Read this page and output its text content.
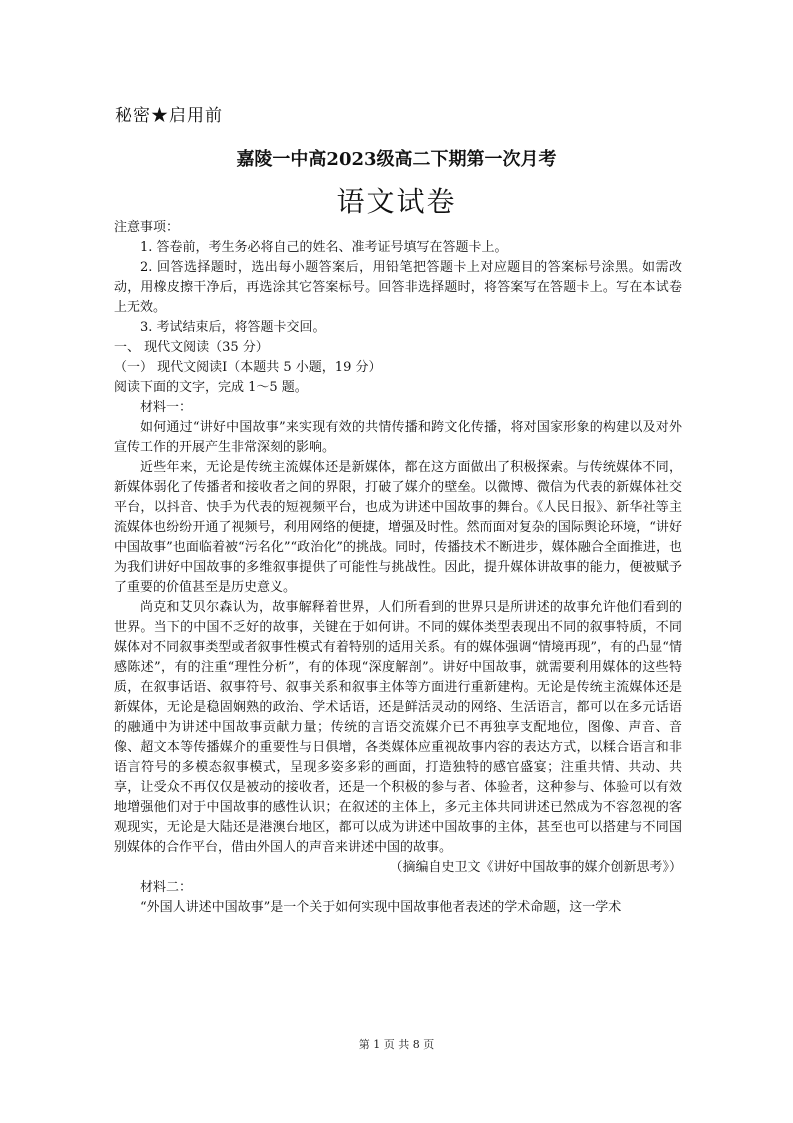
秘密★启用前
嘉陵一中高2023级高二下期第一次月考
语文试卷

注意事项：

1. 答卷前，考生务必将自己的姓名、准考证号填写在答题卡上。

2. 回答选择题时，选出每小题答案后，用铅笔把答题卡上对应题目的答案标号涂黑。如需改动，用橡皮擦干净后，再选涂其它答案标号。回答非选择题时，将答案写在答题卡上。写在本试卷上无效。

3. 考试结束后，将答题卡交回。

一、 现代文阅读（35 分）

（一） 现代文阅读Ⅰ（本题共 5 小题，19 分）

阅读下面的文字，完成 1～5 题。

材料一：

如何通过“讲好中国故事”来实现有效的共情传播和跨文化传播，将对国家形象的构建以及对外宣传工作的开展产生非常深刻的影响。

近些年来，无论是传统主流媒体还是新媒体，都在这方面做出了积极探索。与传统媒体不同，新媒体弱化了传播者和接收者之间的界限，打破了媒介的壁垒。以微博、微信为代表的新媒体社交平台，以抖音、快手为代表的短视频平台，也成为讲述中国故事的舞台。《人民日报》、新华社等主流媒体也纷纷开通了视频号，利用网络的便捷，增强及时性。然而面对复杂的国际舆论环境，“讲好中国故事”也面临着被“污名化”“政治化”的挑战。同时，传播技术不断进步，媒体融合全面推进，也为我们讲好中国故事的多维叙事提供了可能性与挑战性。因此，提升媒体讲故事的能力，便被赋予了重要的价值甚至是历史意义。

尚克和艾贝尔森认为，故事解释着世界，人们所看到的世界只是所讲述的故事允许他们看到的世界。当下的中国不乏好的故事，关键在于如何讲。不同的媒体类型表现出不同的叙事特质，不同媒体对不同叙事类型或者叙事性模式有着特别的适用关系。有的媒体强调“情境再现”，有的凸显“情感陈述”，有的注重“理性分析”，有的体现“深度解剖”。讲好中国故事，就需要利用媒体的这些特质，在叙事话语、叙事符号、叙事关系和叙事主体等方面进行重新建构。无论是传统主流媒体还是新媒体，无论是稳固娴熟的政治、学术话语，还是鲜活灵动的网络、生活语言，都可以在多元话语的融通中为讲述中国故事贡献力量；传统的言语交流媒介已不再独享支配地位，图像、声音、音像、超文本等传播媒介的重要性与日俱增，各类媒体应重视故事内容的表达方式，以糅合语言和非语言符号的多模态叙事模式，呈现多姿多彩的画面，打造独特的感官盛宴；注重共情、共动、共享，让受众不再仅仅是被动的接收者，还是一个积极的参与者、体验者，这种参与、体验可以有效地增强他们对于中国故事的感性认识；在叙述的主体上，多元主体共同讲述已然成为不容忽视的客观现实，无论是大陆还是港澳台地区，都可以成为讲述中国故事的主体，甚至也可以搭建与不同国别媒体的合作平台，借由外国人的声音来讲述中国的故事。

（摘编自史卫文《讲好中国故事的媒介创新思考》）

材料二：

“外国人讲述中国故事”是一个关于如何实现中国故事他者表述的学术命题，这一学术

第 1 页 共 8 页
